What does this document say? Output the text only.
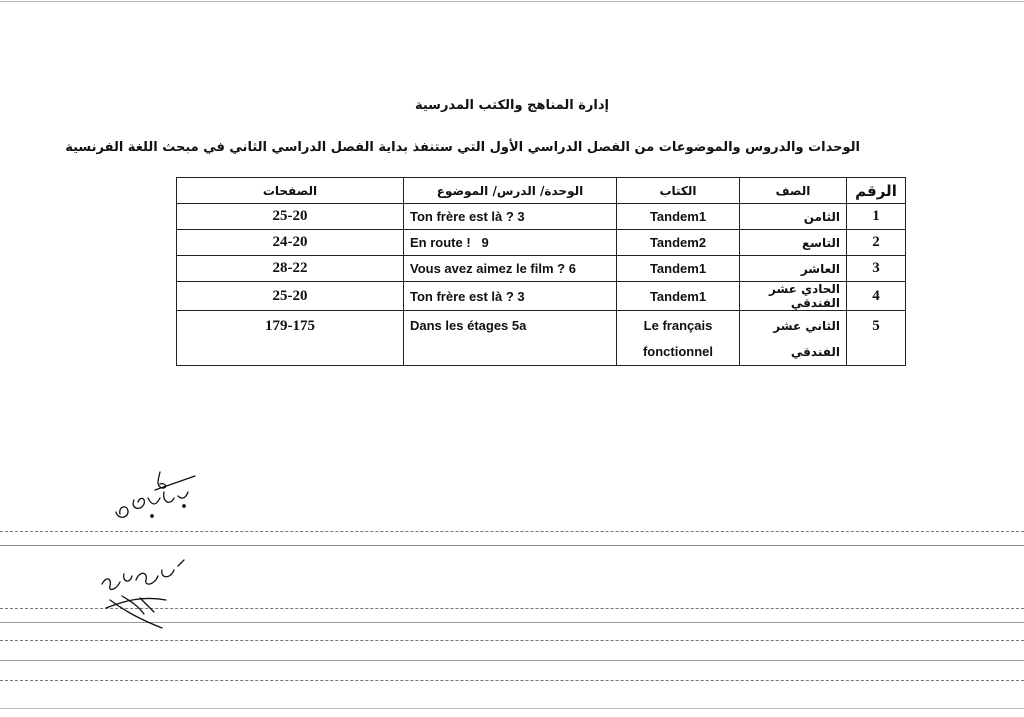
إدارة المناهج والكتب المدرسية
الوحدات والدروس والموضوعات من الفصل الدراسي الأول التي ستنفذ بداية الفصل الدراسي الثاني في مبحث اللغة الفرنسية
الرقم	الصف	الكتاب	الوحدة/ الدرس/ الموضوع	الصفحات
1	الثامن	Tandem1	Ton frère est là ? 3	25-20
2	التاسع	Tandem2	En route !   9	24-20
3	العاشر	Tandem1	Vous avez aimez le film ? 6	28-22
4	الحادي عشر الفندقي	Tandem1	Ton frère est là ? 3	25-20
5	الثاني عشر الفندقي	Le français fonctionnel	Dans les étages 5a	179-175
